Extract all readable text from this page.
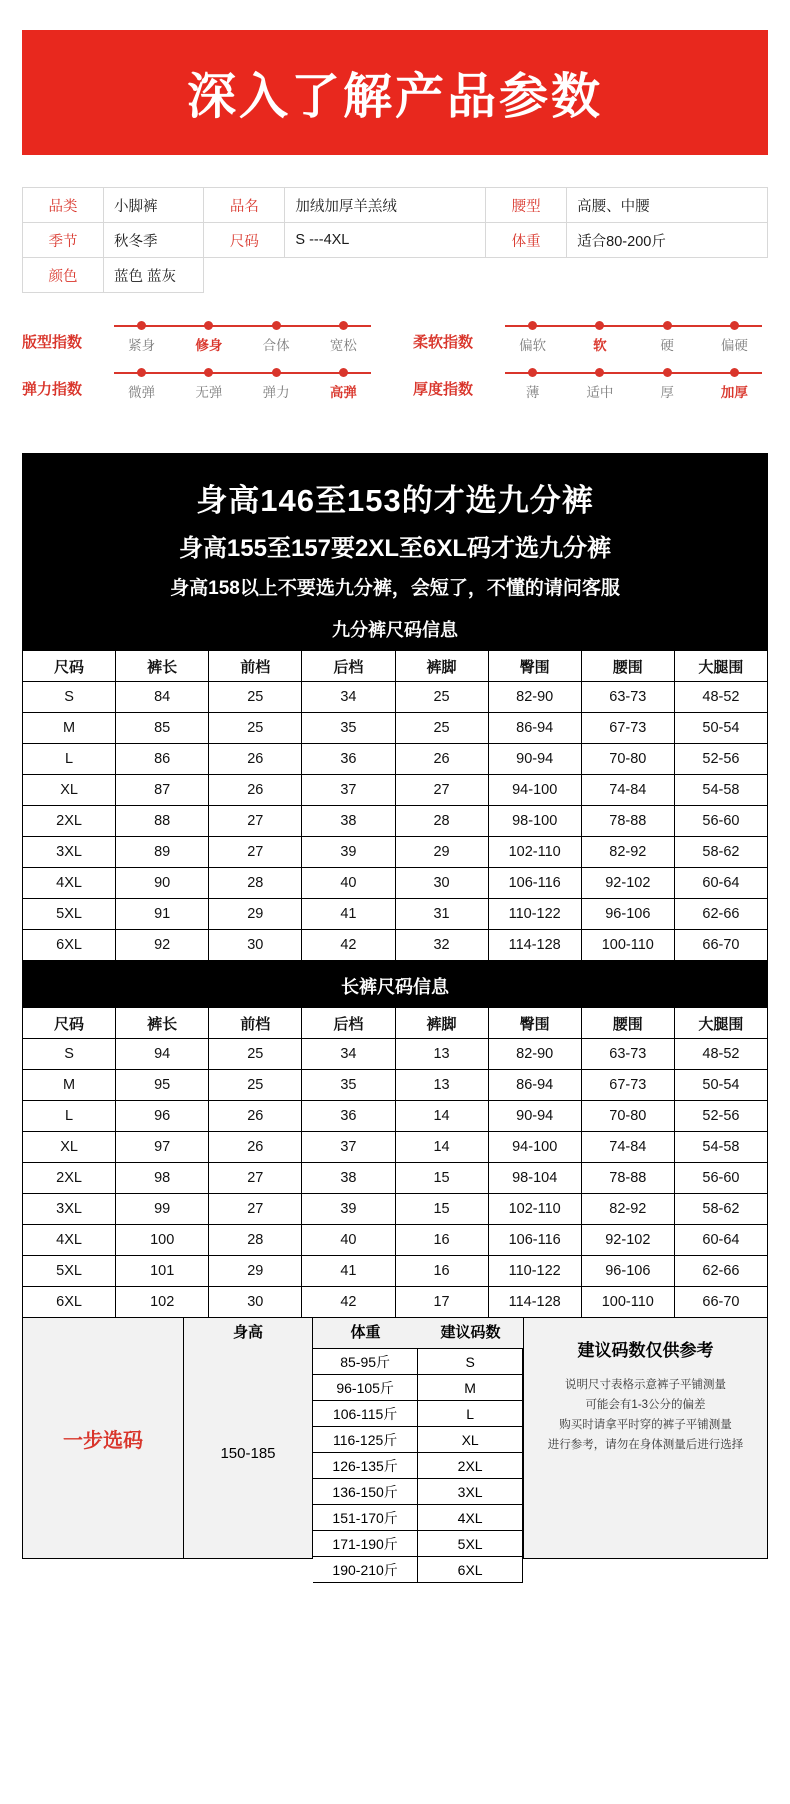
深入了解产品参数
品类	小脚裤	品名	加绒加厚羊羔绒		腰型	高腰、中腰	
季节	秋冬季	尺码	S ---4XL		体重	适合80-200斤	
颜色	蓝色 蓝灰						
版型指数	紧身	修身	合体	宽松
弹力指数	微弹	无弹	弹力	高弹
柔软指数	偏软	软	硬	偏硬
厚度指数	薄	适中	厚	加厚
身高146至153的才选九分裤
身高155至157要2XL至6XL码才选九分裤
身高158以上不要选九分裤，会短了，不懂的请问客服
九分裤尺码信息
尺码	裤长	前档	后档	裤脚	臀围	腰围	大腿围
S	84	25	34	25	82-90	63-73	48-52
M	85	25	35	25	86-94	67-73	50-54
L	86	26	36	26	90-94	70-80	52-56
XL	87	26	37	27	94-100	74-84	54-58
2XL	88	27	38	28	98-100	78-88	56-60
3XL	89	27	39	29	102-110	82-92	58-62
4XL	90	28	40	30	106-116	92-102	60-64
5XL	91	29	41	31	110-122	96-106	62-66
6XL	92	30	42	32	114-128	100-110	66-70
长裤尺码信息
尺码	裤长	前档	后档	裤脚	臀围	腰围	大腿围
S	94	25	34	13	82-90	63-73	48-52
M	95	25	35	13	86-94	67-73	50-54
L	96	26	36	14	90-94	70-80	52-56
XL	97	26	37	14	94-100	74-84	54-58
2XL	98	27	38	15	98-104	78-88	56-60
3XL	99	27	39	15	102-110	82-92	58-62
4XL	100	28	40	16	106-116	92-102	60-64
5XL	101	29	41	16	110-122	96-106	62-66
6XL	102	30	42	17	114-128	100-110	66-70
一步选码
身高
150-185
体重	建议码数
85-95斤	S
96-105斤	M
106-115斤	L
116-125斤	XL
126-135斤	2XL
136-150斤	3XL
151-170斤	4XL
171-190斤	5XL
190-210斤	6XL
建议码数仅供参考
说明尺寸表格示意裤子平铺测量
可能会有1-3公分的偏差
购买时请拿平时穿的裤子平铺测量
进行参考，请勿在身体测量后进行选择
